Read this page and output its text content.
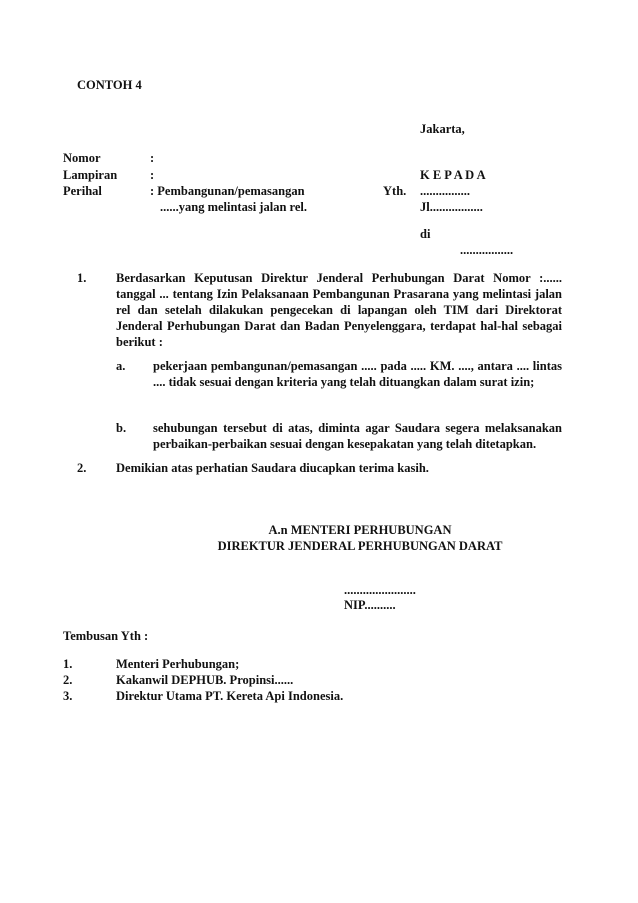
CONTOH 4
Jakarta,
Nomor	:
Lampiran	:
Perihal	: Pembangunan/pemasangan
......yang melintasi jalan rel.
K E P A D A
Yth. ................
Jl.................
di
.................
1. Berdasarkan Keputusan Direktur Jenderal Perhubungan Darat Nomor :...... tanggal ... tentang Izin Pelaksanaan Pembangunan Prasarana yang melintasi jalan rel dan setelah dilakukan pengecekan di lapangan oleh TIM dari Direktorat Jenderal Perhubungan Darat dan Badan Penyelenggara, terdapat hal-hal sebagai berikut :
a. pekerjaan pembangunan/pemasangan ..... pada ..... KM. ...., antara .... lintas .... tidak sesuai dengan kriteria yang telah dituangkan dalam surat izin;
b. sehubungan tersebut di atas, diminta agar Saudara segera melaksanakan perbaikan-perbaikan sesuai dengan kesepakatan yang telah ditetapkan.
2. Demikian atas perhatian Saudara diucapkan terima kasih.
A.n MENTERI PERHUBUNGAN
DIREKTUR JENDERAL PERHUBUNGAN DARAT
.......................
NIP..........
Tembusan Yth :
1.	Menteri Perhubungan;
2.	Kakanwil DEPHUB. Propinsi......
3.	Direktur Utama PT. Kereta Api Indonesia.
